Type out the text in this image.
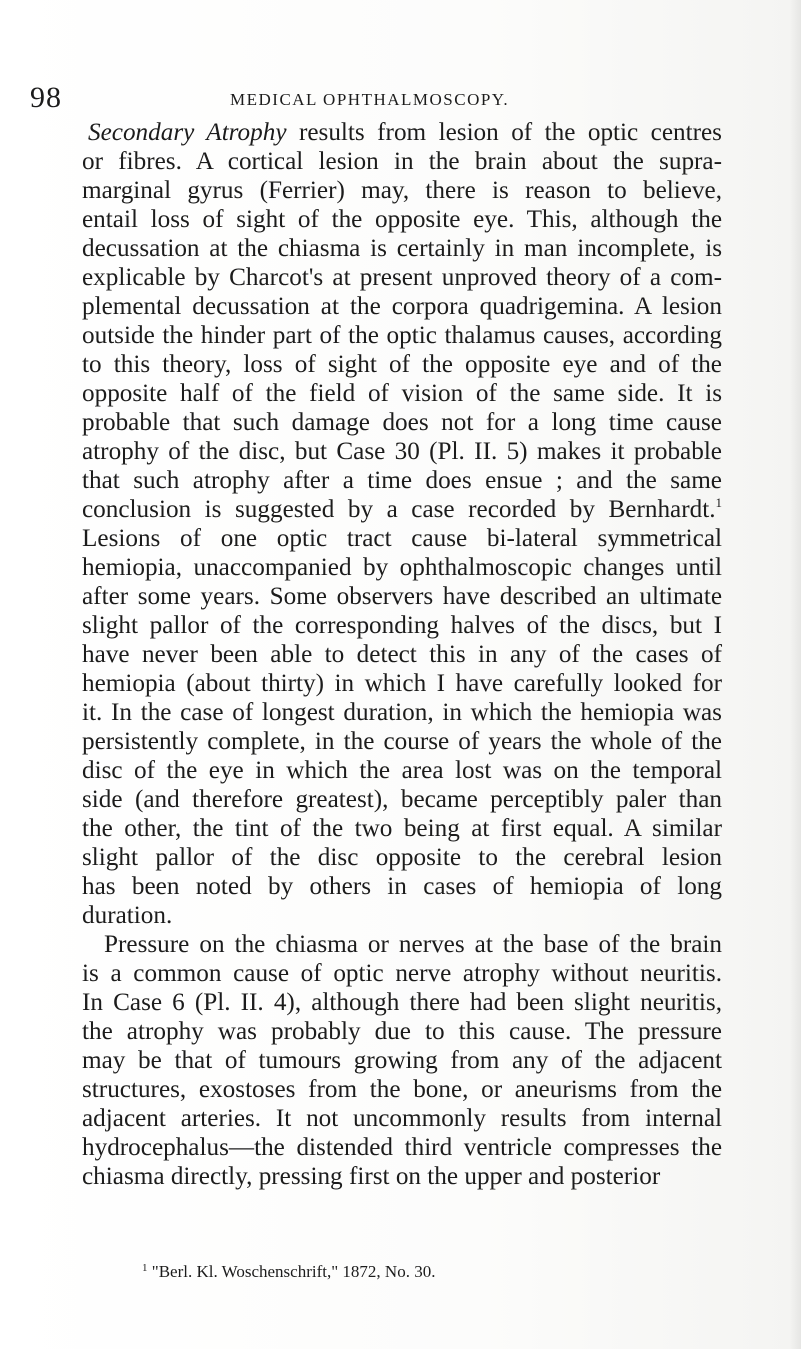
98	MEDICAL OPHTHALMOSCOPY.
Secondary Atrophy results from lesion of the optic centres
or fibres. A cortical lesion in the brain about the supra-
marginal gyrus (Ferrier) may, there is reason to believe,
entail loss of sight of the opposite eye. This, although the
decussation at the chiasma is certainly in man incomplete, is
explicable by Charcot's at present unproved theory of a com-
plemental decussation at the corpora quadrigemina. A lesion
outside the hinder part of the optic thalamus causes, according
to this theory, loss of sight of the opposite eye and of the
opposite half of the field of vision of the same side. It is
probable that such damage does not for a long time cause
atrophy of the disc, but Case 30 (Pl. II. 5) makes it probable
that such atrophy after a time does ensue ; and the same
conclusion is suggested by a case recorded by Bernhardt.$^1$
Lesions of one optic tract cause bi-lateral symmetrical
hemiopia, unaccompanied by ophthalmoscopic changes until
after some years. Some observers have described an ultimate
slight pallor of the corresponding halves of the discs, but I
have never been able to detect this in any of the cases of
hemiopia (about thirty) in which I have carefully looked for
it. In the case of longest duration, in which the hemiopia was
persistently complete, in the course of years the whole of the
disc of the eye in which the area lost was on the temporal
side (and therefore greatest), became perceptibly paler than
the other, the tint of the two being at first equal. A similar
slight pallor of the disc opposite to the cerebral lesion
has been noted by others in cases of hemiopia of long
duration.
Pressure on the chiasma or nerves at the base of the brain
is a common cause of optic nerve atrophy without neuritis.
In Case 6 (Pl. II. 4), although there had been slight neuritis,
the atrophy was probably due to this cause. The pressure
may be that of tumours growing from any of the adjacent
structures, exostoses from the bone, or aneurisms from the
adjacent arteries. It not uncommonly results from internal
hydrocephalus—the distended third ventricle compresses the
chiasma directly, pressing first on the upper and posterior
$^1$ "Berl. Kl. Woschenschrift," 1872, No. 30.
